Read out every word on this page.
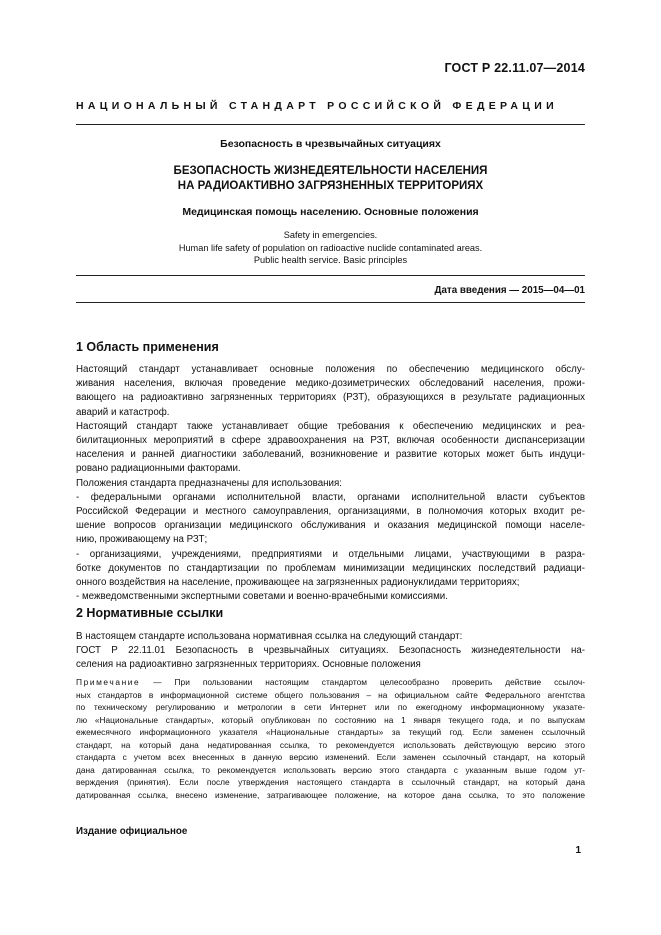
ГОСТ Р 22.11.07—2014
НАЦИОНАЛЬНЫЙ СТАНДАРТ РОССИЙСКОЙ ФЕДЕРАЦИИ
Безопасность в чрезвычайных ситуациях
БЕЗОПАСНОСТЬ ЖИЗНЕДЕЯТЕЛЬНОСТИ НАСЕЛЕНИЯ
НА РАДИОАКТИВНО ЗАГРЯЗНЕННЫХ ТЕРРИТОРИЯХ
Медицинская помощь населению. Основные положения
Safety in emergencies.
Human life safety of population on radioactive nuclide contaminated areas.
Public health service. Basic principles
Дата введения — 2015—04—01
1 Область применения
Настоящий стандарт устанавливает основные положения по обеспечению медицинского обслу-
живания населения, включая проведение медико-дозиметрических обследований населения, прожи-
вающего на радиоактивно загрязненных территориях (РЗТ), образующихся в результате радиационных
аварий и катастроф.
Настоящий стандарт также устанавливает общие требования к обеспечению медицинских и реа-
билитационных мероприятий в сфере здравоохранения на РЗТ, включая особенности диспансеризации
населения и ранней диагностики заболеваний, возникновение и развитие которых может быть индуци-
ровано радиационными факторами.
Положения стандарта предназначены для использования:
- федеральными органами исполнительной власти, органами исполнительной власти субъектов
Российской Федерации и местного самоуправления, организациями, в полномочия которых входит ре-
шение вопросов организации медицинского обслуживания и оказания медицинской помощи населе-
нию, проживающему на РЗТ;
- организациями, учреждениями, предприятиями и отдельными лицами, участвующими в разра-
ботке документов по стандартизации по проблемам минимизации медицинских последствий радиаци-
онного воздействия на население, проживающее на загрязненных радионуклидами территориях;
- межведомственными экспертными советами и военно-врачебными комиссиями.
2 Нормативные ссылки
В настоящем стандарте использована нормативная ссылка на следующий стандарт:
ГОСТ Р 22.11.01 Безопасность в чрезвычайных ситуациях. Безопасность жизнедеятельности на-
селения на радиоактивно загрязненных территориях. Основные положения
Примечание — При пользовании настоящим стандартом целесообразно проверить действие ссылоч-
ных стандартов в информационной системе общего пользования – на официальном сайте Федерального агентства
по техническому регулированию и метрологии в сети Интернет или по ежегодному информационному указате-
лю «Национальные стандарты», который опубликован по состоянию на 1 января текущего года, и по выпускам
ежемесячного информационного указателя «Национальные стандарты» за текущий год. Если заменен ссылочный
стандарт, на который дана недатированная ссылка, то рекомендуется использовать действующую версию этого
стандарта с учетом всех внесенных в данную версию изменений. Если заменен ссылочный стандарт, на который
дана датированная ссылка, то рекомендуется использовать версию этого стандарта с указанным выше годом ут-
верждения (принятия). Если после утверждения настоящего стандарта в ссылочный стандарт, на который дана
датированная ссылка, внесено изменение, затрагивающее положение, на которое дана ссылка, то это положение
Издание официальное
1
